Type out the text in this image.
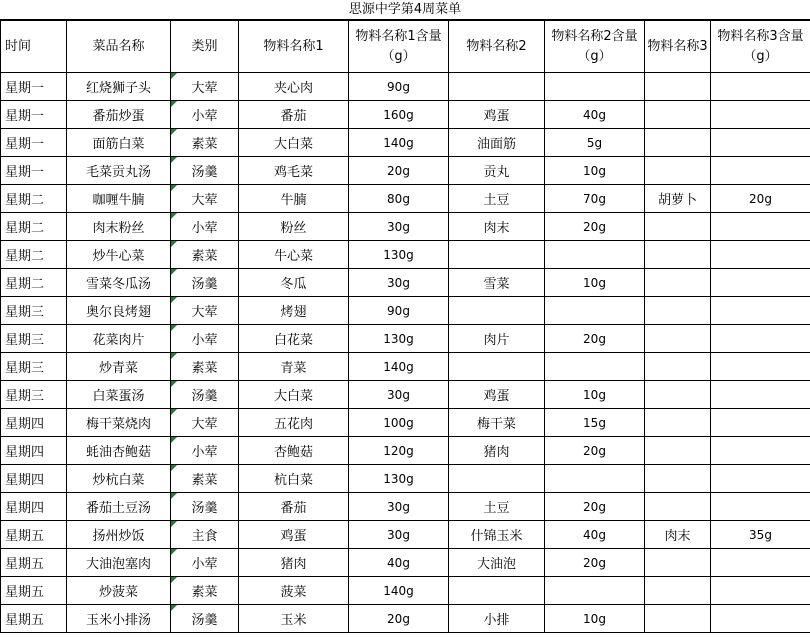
思源中学第4周菜单
时间	菜品名称	类别	物料名称1	物料名称1含量（g）	物料名称2	物料名称2含量（g）	物料名称3	物料名称3含量（g）
星期一	红烧狮子头	大荤	夹心肉	90g				
星期一	番茄炒蛋	小荤	番茄	160g	鸡蛋	40g		
星期一	面筋白菜	素菜	大白菜	140g	油面筋	5g		
星期一	毛菜贡丸汤	汤羹	鸡毛菜	20g	贡丸	10g		
星期二	咖喱牛腩	大荤	牛腩	80g	土豆	70g	胡萝卜	20g
星期二	肉末粉丝	小荤	粉丝	30g	肉末	20g		
星期二	炒牛心菜	素菜	牛心菜	130g				
星期二	雪菜冬瓜汤	汤羹	冬瓜	30g	雪菜	10g		
星期三	奥尔良烤翅	大荤	烤翅	90g				
星期三	花菜肉片	小荤	白花菜	130g	肉片	20g		
星期三	炒青菜	素菜	青菜	140g				
星期三	白菜蛋汤	汤羹	大白菜	30g	鸡蛋	10g		
星期四	梅干菜烧肉	大荤	五花肉	100g	梅干菜	15g		
星期四	蚝油杏鲍菇	小荤	杏鲍菇	120g	猪肉	20g		
星期四	炒杭白菜	素菜	杭白菜	130g				
星期四	番茄土豆汤	汤羹	番茄	30g	土豆	20g		
星期五	扬州炒饭	主食	鸡蛋	30g	什锦玉米	40g	肉末	35g
星期五	大油泡塞肉	小荤	猪肉	40g	大油泡	20g		
星期五	炒菠菜	素菜	菠菜	140g				
星期五	玉米小排汤	汤羹	玉米	20g	小排	10g		
